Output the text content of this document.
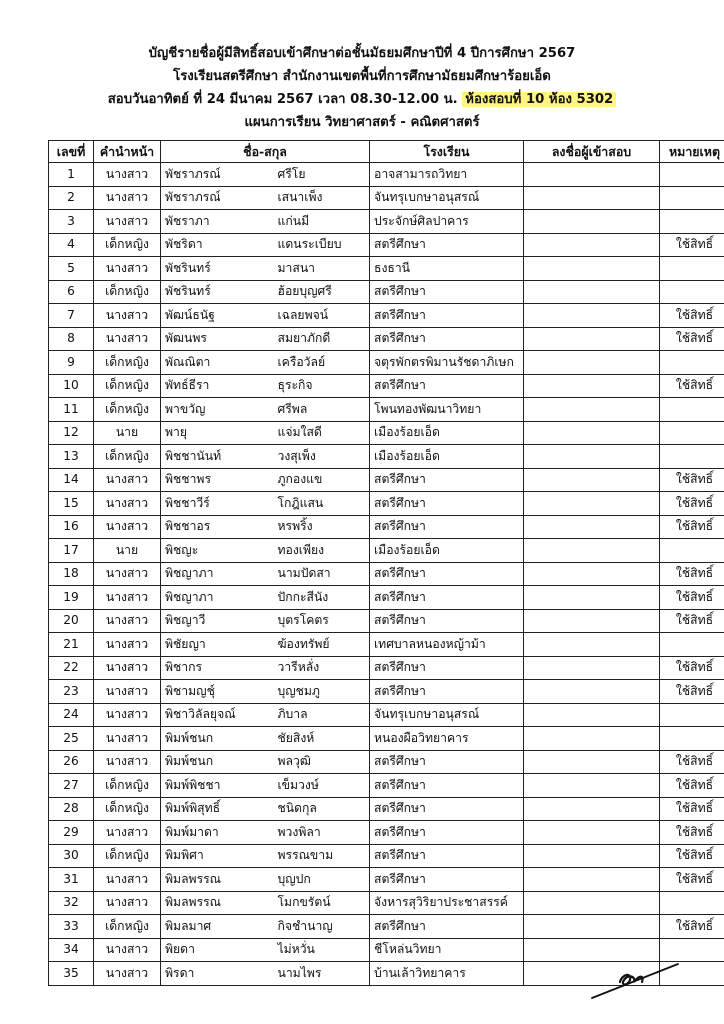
บัญชีรายชื่อผู้มีสิทธิ์สอบเข้าศึกษาต่อชั้นมัธยมศึกษาปีที่ 4 ปีการศึกษา 2567
โรงเรียนสตรีศึกษา สำนักงานเขตพื้นที่การศึกษามัธยมศึกษาร้อยเอ็ด
สอบวันอาทิตย์ ที่ 24 มีนาคม 2567 เวลา 08.30-12.00 น. ห้องสอบที่ 10 ห้อง 5302
แผนการเรียน วิทยาศาสตร์ - คณิตศาสตร์
เลขที่	คำนำหน้า	ชื่อ-สกุล		โรงเรียน	ลงชื่อผู้เข้าสอบ	หมายเหตุ
1	นางสาว	พัชราภรณ์	ศรีโย	อาจสามารถวิทยา		
2	นางสาว	พัชราภรณ์	เสนาเพ็ง	จันทรุเบกษาอนุสรณ์		
3	นางสาว	พัชราภา	แก่นมี	ประจักษ์ศิลปาคาร		
4	เด็กหญิง	พัชริดา	แดนระเบียบ	สตรีศึกษา		ใช้สิทธิ์
5	นางสาว	พัชรินทร์	มาสนา	ธงธานี		
6	เด็กหญิง	พัชรินทร์	ฮ้อยบุญศรี	สตรีศึกษา		
7	นางสาว	พัฒน์ธนัฐ	เฉลยพจน์	สตรีศึกษา		ใช้สิทธิ์
8	นางสาว	พัฒนพร	สมยาภักดี	สตรีศึกษา		ใช้สิทธิ์
9	เด็กหญิง	พัณณิตา	เครือวัลย์	จตุรพักตรพิมานรัชดาภิเษก		
10	เด็กหญิง	พัทธ์ธีรา	ธุระกิจ	สตรีศึกษา		ใช้สิทธิ์
11	เด็กหญิง	พาขวัญ	ศรีพล	โพนทองพัฒนาวิทยา		
12	นาย	พายุ	แจ่มใสดี	เมืองร้อยเอ็ด		
13	เด็กหญิง	พิชชานันท์	วงสุเพ็ง	เมืองร้อยเอ็ด		
14	นางสาว	พิชชาพร	ภูกองแข	สตรีศึกษา		ใช้สิทธิ์
15	นางสาว	พิชชาวีร์	โกฎิแสน	สตรีศึกษา		ใช้สิทธิ์
16	นางสาว	พิชชาอร	หรพริ้ง	สตรีศึกษา		ใช้สิทธิ์
17	นาย	พิชญะ	ทองเพียง	เมืองร้อยเอ็ด		
18	นางสาว	พิชญาภา	นามปัดสา	สตรีศึกษา		ใช้สิทธิ์
19	นางสาว	พิชญาภา	ปักกะสีนัง	สตรีศึกษา		ใช้สิทธิ์
20	นางสาว	พิชญาวี	บุตรโคตร	สตรีศึกษา		ใช้สิทธิ์
21	นางสาว	พิชัยญา	ฆ้องทรัพย์	เทศบาลหนองหญ้าม้า		
22	นางสาว	พิชากร	วารีหลั่ง	สตรีศึกษา		ใช้สิทธิ์
23	นางสาว	พิชามญชุ์	บุญชมภู	สตรีศึกษา		ใช้สิทธิ์
24	นางสาว	พิชาวิลัลยุจณ์	ภิบาล	จันทรุเบกษาอนุสรณ์		
25	นางสาว	พิมพ์ชนก	ชัยสิงห์	หนองผือวิทยาคาร		
26	นางสาว	พิมพ์ชนก	พลวุฒิ	สตรีศึกษา		ใช้สิทธิ์
27	เด็กหญิง	พิมพ์พิชชา	เข็มวงษ์	สตรีศึกษา		ใช้สิทธิ์
28	เด็กหญิง	พิมพ์พิสุทธิ์	ชนิดกุล	สตรีศึกษา		ใช้สิทธิ์
29	นางสาว	พิมพ์มาดา	พวงพิลา	สตรีศึกษา		ใช้สิทธิ์
30	เด็กหญิง	พิมพิศา	พรรณขาม	สตรีศึกษา		ใช้สิทธิ์
31	นางสาว	พิมลพรรณ	บุญปก	สตรีศึกษา		ใช้สิทธิ์
32	นางสาว	พิมลพรรณ	โมกขรัตน์	จังหารสุวิริยาประชาสรรค์		
33	เด็กหญิง	พิมลมาศ	กิจชำนาญ	สตรีศึกษา		ใช้สิทธิ์
34	นางสาว	พิยดา	ไม่หวั่น	ชีโหล่นวิทยา		
35	นางสาว	พิรดา	นามไพร	บ้านเล้าวิทยาคาร		
